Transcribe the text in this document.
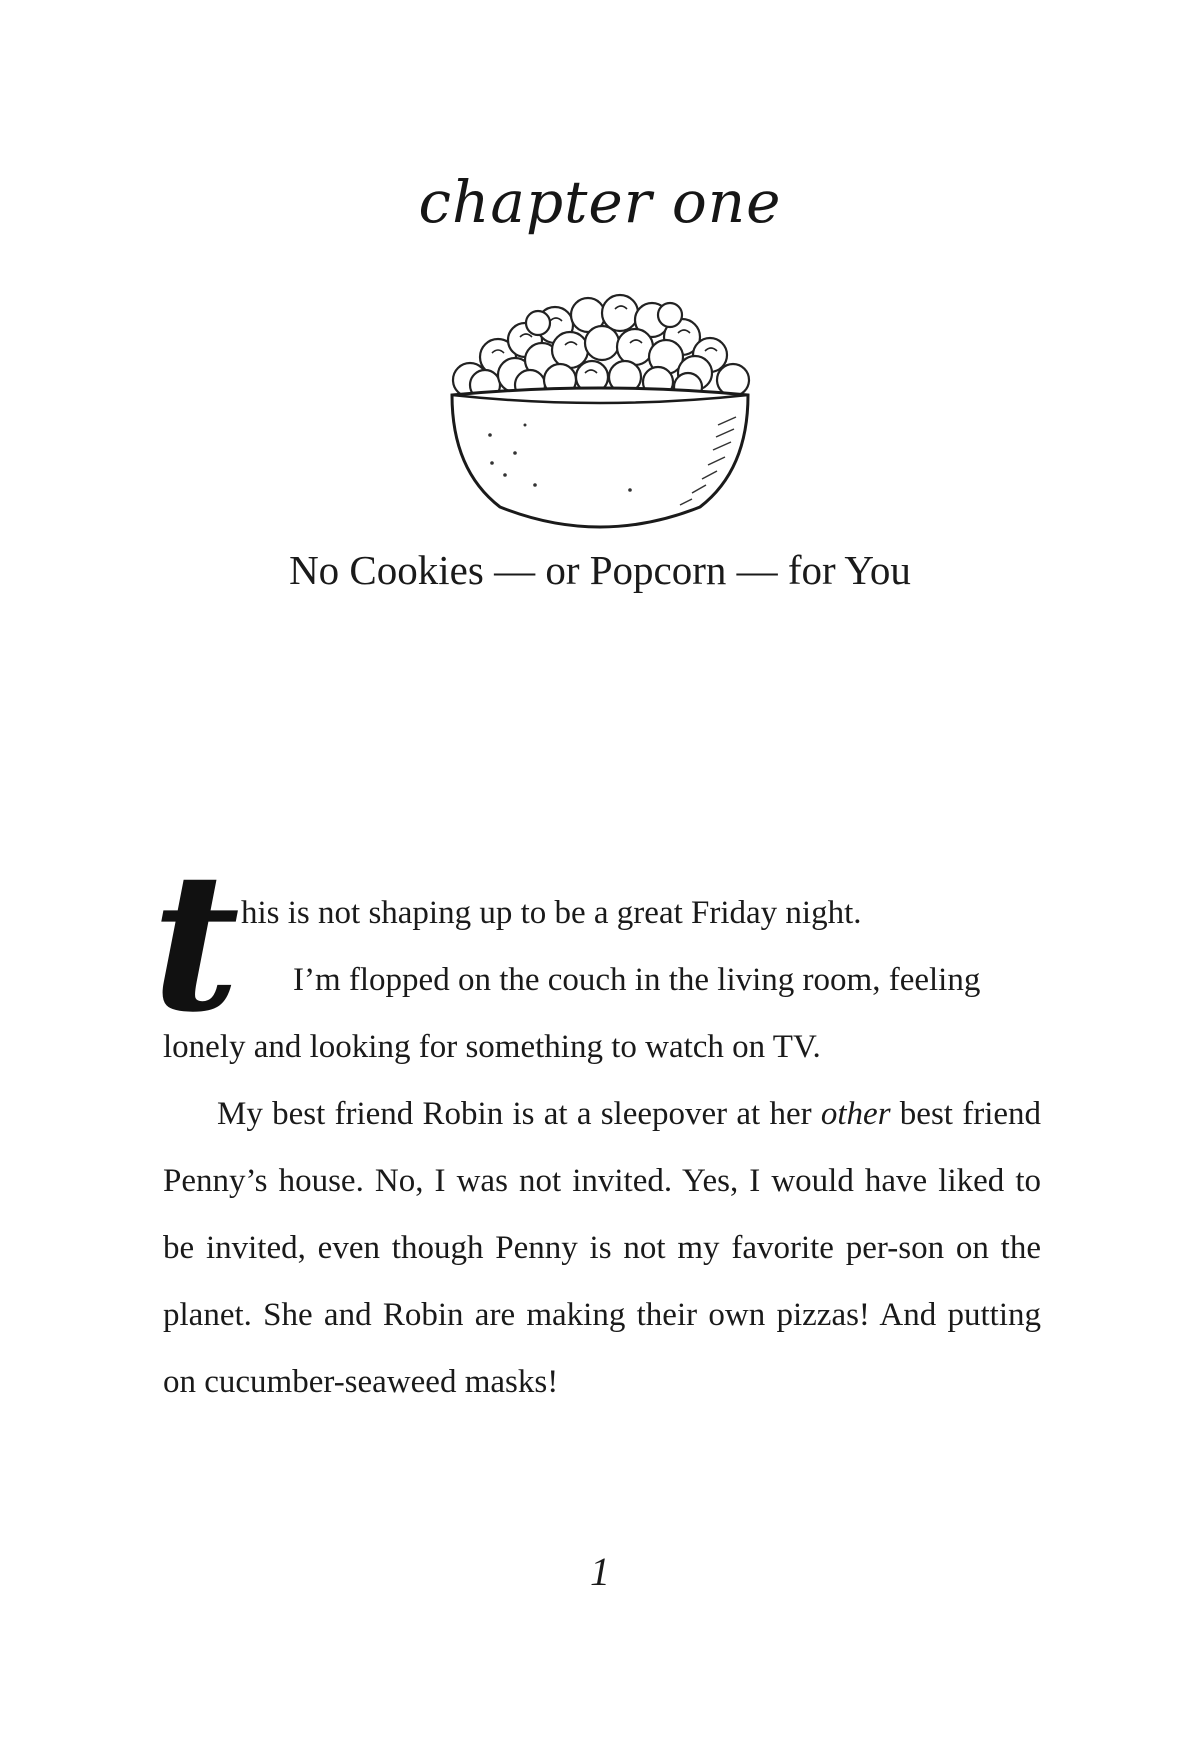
chapter one
No Cookies — or Popcorn — for You
t his is not shaping up to be a great Friday night.
I’m flopped on the couch in the living room, feeling
lonely and looking for something to watch on TV.
My best friend Robin is at a sleepover at her other best friend Penny’s house. No, I was not invited. Yes, I would have liked to be invited, even though Penny is not my favorite per-son on the planet. She and Robin are making their own pizzas! And putting on cucumber-seaweed masks!
1
